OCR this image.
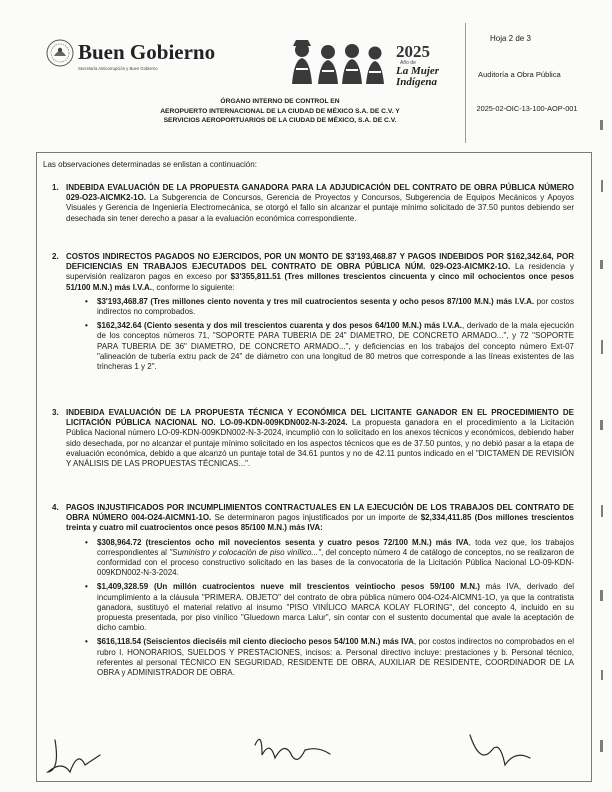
Buen Gobierno
Secretaría Anticorrupción y Buen Gobierno
2025
Año de
La Mujer
Indígena
Hoja 2 de 3
Auditoría a Obra Pública
2025-02-OIC-13-100-AOP-001
ÓRGANO INTERNO DE CONTROL EN
AEROPUERTO INTERNACIONAL DE LA CIUDAD DE MÉXICO S.A. DE C.V. Y
SERVICIOS AEROPORTUARIOS DE LA CIUDAD DE MÉXICO, S.A. DE C.V.
Las observaciones determinadas se enlistan a continuación:
1. INDEBIDA EVALUACIÓN DE LA PROPUESTA GANADORA PARA LA ADJUDICACIÓN DEL CONTRATO DE OBRA PÚBLICA NÚMERO 029-O23-AICMK2-1O. La Subgerencia de Concursos, Gerencia de Proyectos y Concursos, Subgerencia de Equipos Mecánicos y Apoyos Visuales y Gerencia de Ingeniería Electromecánica, se otorgó el fallo sin alcanzar el puntaje mínimo solicitado de 37.50 puntos debiendo ser desechada sin tener derecho a pasar a la evaluación económica correspondiente.
2. COSTOS INDIRECTOS PAGADOS NO EJERCIDOS, POR UN MONTO DE $3'193,468.87 Y PAGOS INDEBIDOS POR $162,342.64, POR DEFICIENCIAS EN TRABAJOS EJECUTADOS DEL CONTRATO DE OBRA PÚBLICA NÚM. 029-O23-AICMK2-1O. La residencia y supervisión realizaron pagos en exceso por $3'355,811.51 (Tres millones trescientos cincuenta y cinco mil ochocientos once pesos 51/100 M.N.) más I.V.A., conforme lo siguiente:
• $3'193,468.87 (Tres millones ciento noventa y tres mil cuatrocientos sesenta y ocho pesos 87/100 M.N.) más I.V.A. por costos indirectos no comprobados.
• $162,342.64 (Ciento sesenta y dos mil trescientos cuarenta y dos pesos 64/100 M.N.) más I.V.A., derivado de la mala ejecución de los conceptos números 71, "SOPORTE PARA TUBERIA DE 24" DIAMETRO, DE CONCRETO ARMADO...", y 72 "SOPORTE PARA TUBERIA DE 36" DIAMETRO, DE CONCRETO ARMADO...", y deficiencias en los trabajos del concepto número Ext-07 "alineación de tubería extru pack de 24" de diámetro con una longitud de 80 metros que corresponde a las líneas existentes de las trincheras 1 y 2".
3. INDEBIDA EVALUACIÓN DE LA PROPUESTA TÉCNICA Y ECONÓMICA DEL LICITANTE GANADOR EN EL PROCEDIMIENTO DE LICITACIÓN PÚBLICA NACIONAL NO. LO-09-KDN-009KDN002-N-3-2024. La propuesta ganadora en el procedimiento a la Licitación Pública Nacional número LO-09-KDN-009KDN002-N-3-2024, incumplió con lo solicitado en los anexos técnicos y económicos, debiendo haber sido desechada, por no alcanzar el puntaje mínimo solicitado en los aspectos técnicos que es de 37.50 puntos, y no debió pasar a la etapa de evaluación económica, debido a que alcanzó un puntaje total de 34.61 puntos y no de 42.11 puntos indicado en el "DICTAMEN DE REVISIÓN Y ANÁLISIS DE LAS PROPUESTAS TÉCNICAS...".
4. PAGOS INJUSTIFICADOS POR INCUMPLIMIENTOS CONTRACTUALES EN LA EJECUCIÓN DE LOS TRABAJOS DEL CONTRATO DE OBRA NÚMERO 004-O24-AICMN1-1O. Se determinaron pagos injustificados por un importe de $2,334,411.85 (Dos millones trescientos treinta y cuatro mil cuatrocientos once pesos 85/100 M.N.) más IVA:
• $308,964.72 (trescientos ocho mil novecientos sesenta y cuatro pesos 72/100 M.N.) más IVA, toda vez que, los trabajos correspondientes al "Suministro y colocación de piso vinílico...", del concepto número 4 de catálogo de conceptos, no se realizaron de conformidad con el proceso constructivo solicitado en las bases de la convocatoria de la Licitación Pública Nacional LO-09-KDN-009KDN002-N-3-2024.
• $1,409,328.59 (Un millón cuatrocientos nueve mil trescientos veintiocho pesos 59/100 M.N.) más IVA, derivado del incumplimiento a la cláusula "PRIMERA. OBJETO" del contrato de obra pública número 004-O24-AICMN1-1O, ya que la contratista ganadora, sustituyó el material relativo al insumo "PISO VINÍLICO MARCA KOLAY FLORING", del concepto 4, incluido en su propuesta presentada, por piso vinílico "Gluedown marca Lalur", sin contar con el sustento documental que avale la aceptación de dicho cambio.
• $616,118.54 (Seiscientos dieciséis mil ciento dieciocho pesos 54/100 M.N.) más IVA, por costos indirectos no comprobados en el rubro I. HONORARIOS, SUELDOS Y PRESTACIONES, incisos: a. Personal directivo incluye: prestaciones y b. Personal técnico, referentes al personal TÉCNICO EN SEGURIDAD, RESIDENTE DE OBRA, AUXILIAR DE RESIDENTE, COORDINADOR DE LA OBRA y ADMINISTRADOR DE OBRA.
